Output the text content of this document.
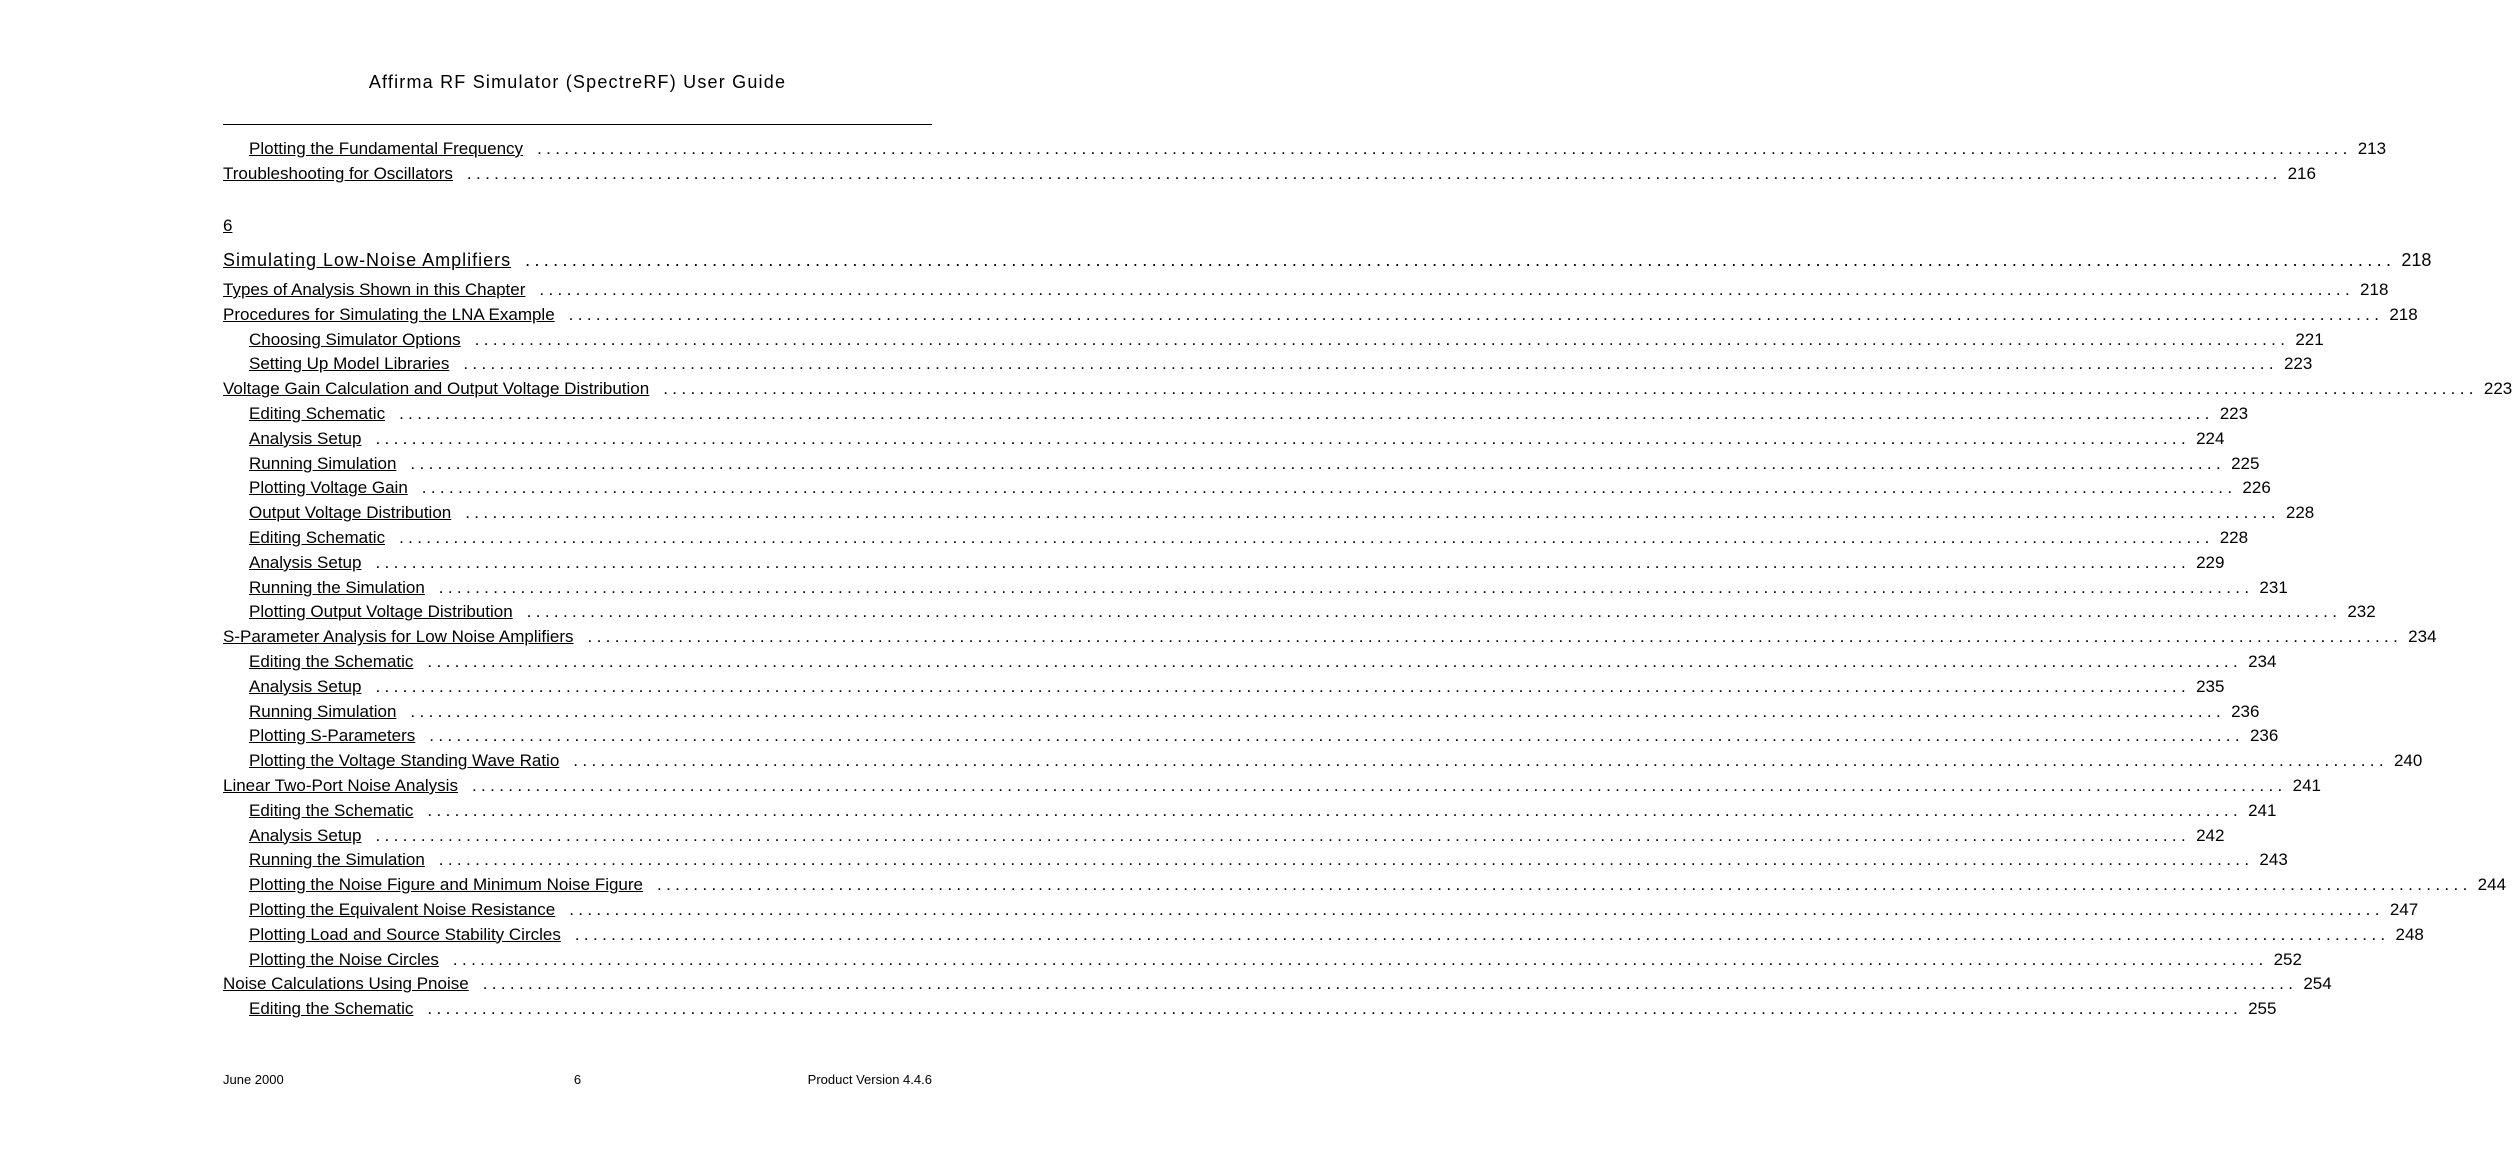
Affirma RF Simulator (SpectreRF) User Guide
Plotting the Fundamental Frequency ........................................................................................................................................................................................................ 213
Troubleshooting for Oscillators ........................................................................................................................................................................................................ 216
6
Simulating Low-Noise Amplifiers ........................................................................................................................................................................................................ 218
Types of Analysis Shown in this Chapter ........................................................................................................................................................................................................ 218
Procedures for Simulating the LNA Example ........................................................................................................................................................................................................ 218
Choosing Simulator Options ........................................................................................................................................................................................................ 221
Setting Up Model Libraries ........................................................................................................................................................................................................ 223
Voltage Gain Calculation and Output Voltage Distribution ........................................................................................................................................................................................................ 223
Editing Schematic ........................................................................................................................................................................................................ 223
Analysis Setup ........................................................................................................................................................................................................ 224
Running Simulation ........................................................................................................................................................................................................ 225
Plotting Voltage Gain ........................................................................................................................................................................................................ 226
Output Voltage Distribution ........................................................................................................................................................................................................ 228
Editing Schematic ........................................................................................................................................................................................................ 228
Analysis Setup ........................................................................................................................................................................................................ 229
Running the Simulation ........................................................................................................................................................................................................ 231
Plotting Output Voltage Distribution ........................................................................................................................................................................................................ 232
S-Parameter Analysis for Low Noise Amplifiers ........................................................................................................................................................................................................ 234
Editing the Schematic ........................................................................................................................................................................................................ 234
Analysis Setup ........................................................................................................................................................................................................ 235
Running Simulation ........................................................................................................................................................................................................ 236
Plotting S-Parameters ........................................................................................................................................................................................................ 236
Plotting the Voltage Standing Wave Ratio ........................................................................................................................................................................................................ 240
Linear Two-Port Noise Analysis ........................................................................................................................................................................................................ 241
Editing the Schematic ........................................................................................................................................................................................................ 241
Analysis Setup ........................................................................................................................................................................................................ 242
Running the Simulation ........................................................................................................................................................................................................ 243
Plotting the Noise Figure and Minimum Noise Figure ........................................................................................................................................................................................................ 244
Plotting the Equivalent Noise Resistance ........................................................................................................................................................................................................ 247
Plotting Load and Source Stability Circles ........................................................................................................................................................................................................ 248
Plotting the Noise Circles ........................................................................................................................................................................................................ 252
Noise Calculations Using Pnoise ........................................................................................................................................................................................................ 254
Editing the Schematic ........................................................................................................................................................................................................ 255
June 2000	6	Product Version 4.4.6
